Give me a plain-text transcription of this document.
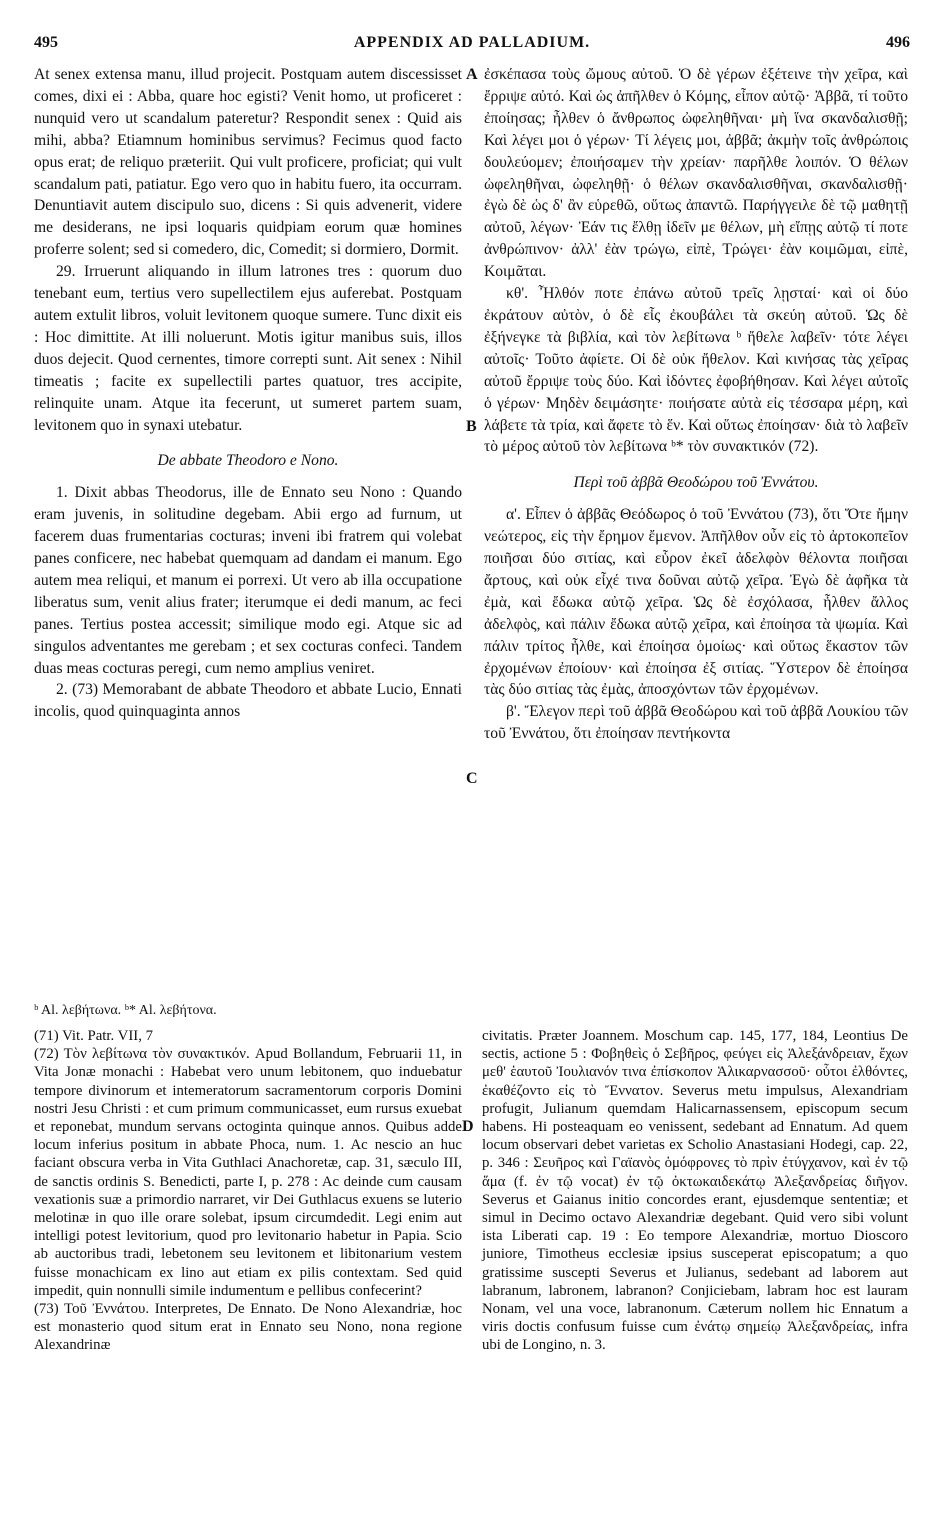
495	APPENDIX AD PALLADIUM.	496

At senex extensa manu, illud projecit. Postquam autem discessisset comes, dixi ei : Abba, quare hoc egisti? Venit homo, ut proficeret : nunquid vero ut scandalum pateretur? Respondit senex : Quid ais mihi, abba? Etiamnum hominibus servimus? Fecimus quod facto opus erat; de reliquo præteriit. Qui vult proficere, proficiat; qui vult scandalum pati, patiatur. Ego vero quo in habitu fuero, ita occurram. Denuntiavit autem discipulo suo, dicens : Si quis advenerit, videre me desiderans, ne ipsi loquaris quidpiam eorum quæ homines proferre solent; sed si comedero, dic, Comedit; si dormiero, Dormit.

29. Irruerunt aliquando in illum latrones tres : quorum duo tenebant eum, tertius vero supellectilem ejus auferebat. Postquam autem extulit libros, voluit levitonem quoque sumere. Tunc dixit eis : Hoc dimittite. At illi noluerunt. Motis igitur manibus suis, illos duos dejecit. Quod cernentes, timore correpti sunt. Ait senex : Nihil timeatis ; facite ex supellectili partes quatuor, tres accipite, relinquite unam. Atque ita fecerunt, ut sumeret partem suam, levitonem quo in synaxi utebatur.

De abbate Theodoro e Nono.

1. Dixit abbas Theodorus, ille de Ennato seu Nono : Quando eram juvenis, in solitudine degebam. Abii ergo ad furnum, ut facerem duas frumentarias cocturas; inveni ibi fratrem qui volebat panes conficere, nec habebat quemquam ad dandam ei manum. Ego autem mea reliqui, et manum ei porrexi. Ut vero ab illa occupatione liberatus sum, venit alius frater; iterumque ei dedi manum, ac feci panes. Tertius postea accessit; similique modo egi. Atque sic ad singulos adventantes me gerebam ; et sex cocturas confeci. Tandem duas meas cocturas peregi, cum nemo amplius veniret.

2. (73) Memorabant de abbate Theodoro et abbate Lucio, Ennati incolis, quod quinquaginta annos

ἐσκέπασα τοὺς ὤμους αὐτοῦ. Ὁ δὲ γέρων ἐξέτεινε τὴν χεῖρα, καὶ ἔρριψε αὐτό. Καὶ ὡς ἀπῆλθεν ὁ Κόμης, εἶπον αὐτῷ· Ἀββᾶ, τί τοῦτο ἐποίησας; ἦλθεν ὁ ἄνθρωπος ὠφεληθῆναι· μὴ ἵνα σκανδαλισθῇ; Καὶ λέγει μοι ὁ γέρων· Τί λέγεις μοι, ἀββᾶ; ἀκμὴν τοῖς ἀνθρώποις δουλεύομεν; ἐποιήσαμεν τὴν χρείαν· παρῆλθε λοιπόν. Ὁ θέλων ὠφεληθῆναι, ὠφεληθῇ· ὁ θέλων σκανδαλισθῆναι, σκανδαλισθῇ· ἐγὼ δὲ ὡς δ' ἂν εὑρεθῶ, οὕτως ἀπαντῶ. Παρήγγειλε δὲ τῷ μαθητῇ αὐτοῦ, λέγων· Ἐάν τις ἔλθῃ ἰδεῖν με θέλων, μὴ εἴπῃς αὐτῷ τί ποτε ἀνθρώπινον· ἀλλ' ἐὰν τρώγω, εἰπὲ, Τρώγει· ἐὰν κοιμῶμαι, εἰπὲ, Κοιμᾶται.

κθ'. Ἦλθόν ποτε ἐπάνω αὐτοῦ τρεῖς λῃσταί· καὶ οἱ δύο ἐκράτουν αὐτὸν, ὁ δὲ εἷς ἐκουβάλει τὰ σκεύη αὐτοῦ. Ὡς δὲ ἐξήνεγκε τὰ βιβλία, καὶ τὸν λεβίτωνα ᵇ ἤθελε λαβεῖν· τότε λέγει αὐτοῖς· Τοῦτο ἀφίετε. Οἱ δὲ οὐκ ἤθελον. Καὶ κινήσας τὰς χεῖρας αὐτοῦ ἔρριψε τοὺς δύο. Καὶ ἰδόντες ἐφοβήθησαν. Καὶ λέγει αὐτοῖς ὁ γέρων· Μηδὲν δειμάσητε· ποιήσατε αὐτὰ εἰς τέσσαρα μέρη, καὶ λάβετε τὰ τρία, καὶ ἄφετε τὸ ἕν. Καὶ οὕτως ἐποίησαν· διὰ τὸ λαβεῖν τὸ μέρος αὐτοῦ τὸν λεβίτωνα ᵇ* τὸν συνακτικόν (72).

Περὶ τοῦ ἀββᾶ Θεοδώρου τοῦ Ἐννάτου.

α'. Εἶπεν ὁ ἀββᾶς Θεόδωρος ὁ τοῦ Ἐννάτου (73), ὅτι Ὅτε ἤμην νεώτερος, εἰς τὴν ἔρημον ἔμενον. Ἀπῆλθον οὖν εἰς τὸ ἀρτοκοπεῖον ποιῆσαι δύο σιτίας, καὶ εὗρον ἐκεῖ ἀδελφὸν θέλοντα ποιῆσαι ἄρτους, καὶ οὐκ εἶχέ τινα δοῦναι αὐτῷ χεῖρα. Ἐγὼ δὲ ἀφῆκα τὰ ἐμὰ, καὶ ἔδωκα αὐτῷ χεῖρα. Ὡς δὲ ἐσχόλασα, ἦλθεν ἄλλος ἀδελφὸς, καὶ πάλιν ἔδωκα αὐτῷ χεῖρα, καὶ ἐποίησα τὰ ψωμία. Καὶ πάλιν τρίτος ἦλθε, καὶ ἐποίησα ὁμοίως· καὶ οὕτως ἕκαστον τῶν ἐρχομένων ἐποίουν· καὶ ἐποίησα ἐξ σιτίας. Ὕστερον δὲ ἐποίησα τὰς δύο σιτίας τὰς ἐμὰς, ἀποσχόντων τῶν ἐρχομένων.

β'. Ἔλεγον περὶ τοῦ ἀββᾶ Θεοδώρου καὶ τοῦ ἀββᾶ Λουκίου τῶν τοῦ Ἐννάτου, ὅτι ἐποίησαν πεντήκοντα

A
B
C
D
ᵇ Al. λεβήτωνα. ᵇ* Al. λεβήτονα.

(71) Vit. Patr. VII, 7

(72) Τὸν λεβίτωνα τὸν συνακτικόν. Apud Bollandum, Februarii 11, in Vita Jonæ monachi : Habebat vero unum lebitonem, quo induebatur tempore divinorum et intemeratorum sacramentorum corporis Domini nostri Jesu Christi : et cum primum communicasset, eum rursus exuebat et reponebat, mundum servans octoginta quinque annos. Quibus adde locum inferius positum in abbate Phoca, num. 1. Ac nescio an huc faciant obscura verba in Vita Guthlaci Anachoretæ, cap. 31, sæculo III, de sanctis ordinis S. Benedicti, parte I, p. 278 : Ac deinde cum causam vexationis suæ a primordio narraret, vir Dei Guthlacus exuens se luterio melotinæ in quo ille orare solebat, ipsum circumdedit. Legi enim aut intelligi potest levitorium, quod pro levitonario habetur in Papia. Scio ab auctoribus tradi, lebetonem seu levitonem et libitonarium vestem fuisse monachicam ex lino aut etiam ex pilis contextam. Sed quid impedit, quin nonnulli simile indumentum e pellibus confecerint?

(73) Τοῦ Ἐννάτου. Interpretes, De Ennato. De Nono Alexandriæ, hoc est monasterio quod situm erat in Ennato seu Nono, nona regione Alexandrinæ

civitatis. Præter Joannem. Moschum cap. 145, 177, 184, Leontius De sectis, actione 5 : Φοβηθεὶς ὁ Σεβῆρος, φεύγει εἰς Ἀλεξάνδρειαν, ἔχων μεθ' ἑαυτοῦ Ἰουλιανόν τινα ἐπίσκοπον Ἁλικαρνασσοῦ· οὗτοι ἐλθόντες, ἐκαθέζοντο εἰς τὸ Ἔννατον. Severus metu impulsus, Alexandriam profugit, Julianum quemdam Halicarnassensem, episcopum secum habens. Hi posteaquam eo venissent, sedebant ad Ennatum. Ad quem locum observari debet varietas ex Scholio Anastasiani Hodegi, cap. 22, p. 346 : Σευῆρος καὶ Γαϊανὸς ὁμόφρονες τὸ πρὶν ἐτύγχανον, καὶ ἐν τῷ ἅμα (f. ἐν τῷ vocat) ἐν τῷ ὀκτωκαιδεκάτῳ Ἀλεξανδρείας διῆγον. Severus et Gaianus initio concordes erant, ejusdemque sententiæ; et simul in Decimo octavo Alexandriæ degebant. Quid vero sibi volunt ista Liberati cap. 19 : Eo tempore Alexandriæ, mortuo Dioscoro juniore, Timotheus ecclesiæ ipsius susceperat episcopatum; a quo gratissime suscepti Severus et Julianus, sedebant ad laborem aut labranum, labronem, labranon? Conjiciebam, labram hoc est lauram Nonam, vel una voce, labranonum. Cæterum nollem hic Ennatum a viris doctis confusum fuisse cum ἐνάτῳ σημείῳ Ἀλεξανδρείας, infra ubi de Longino, n. 3.
